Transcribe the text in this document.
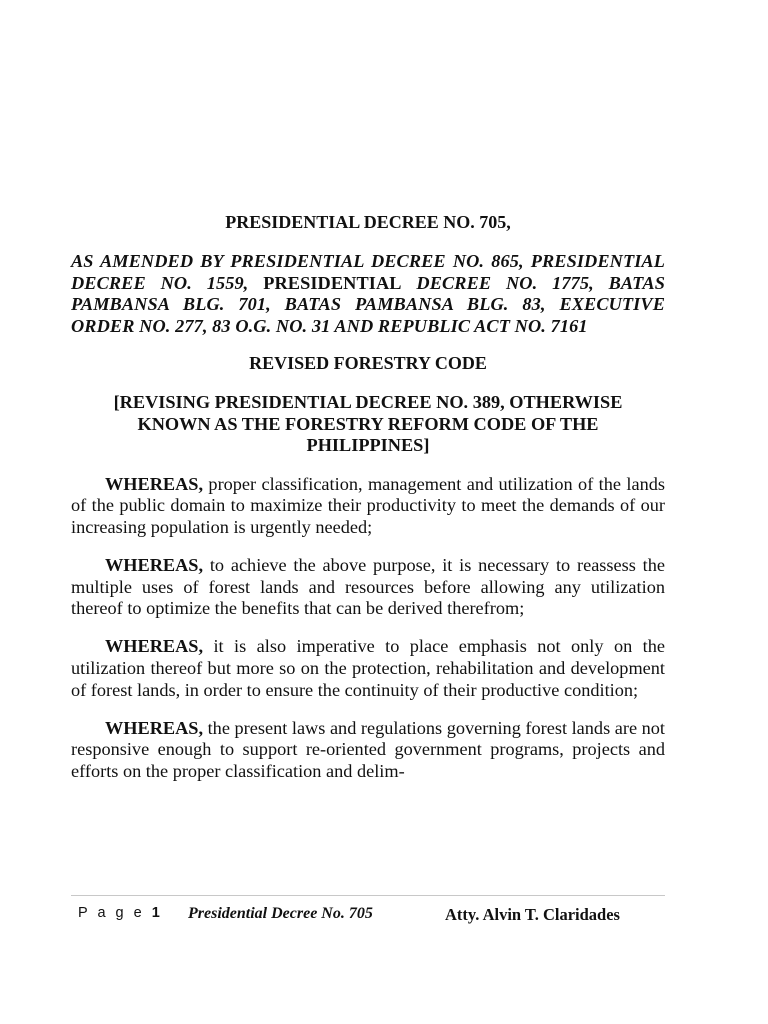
PRESIDENTIAL DECREE NO. 705,
AS AMENDED BY PRESIDENTIAL DECREE NO. 865, PRESIDENTIAL DECREE NO. 1559, PRESIDENTIAL DECREE NO. 1775, BATAS PAMBANSA BLG. 701, BATAS PAMBANSA BLG. 83, EXECUTIVE ORDER NO. 277, 83 O.G. NO. 31 AND REPUBLIC ACT NO. 7161
REVISED FORESTRY CODE
[REVISING PRESIDENTIAL DECREE NO. 389, OTHERWISE KNOWN AS THE FORESTRY REFORM CODE OF THE PHILIPPINES]

WHEREAS, proper classification, management and utilization of the lands of the public domain to maximize their productivity to meet the demands of our increasing population is urgently needed;

WHEREAS, to achieve the above purpose, it is necessary to reassess the multiple uses of forest lands and resources before allowing any utilization thereof to optimize the benefits that can be derived therefrom;

WHEREAS, it is also imperative to place emphasis not only on the utilization thereof but more so on the protection, rehabilitation and development of forest lands, in order to ensure the continuity of their productive condition;

WHEREAS, the present laws and regulations governing forest lands are not responsive enough to support re-oriented government programs, projects and efforts on the proper classification and delim-

P a g e 1 Presidential Decree No. 705	Atty. Alvin T. Claridades
